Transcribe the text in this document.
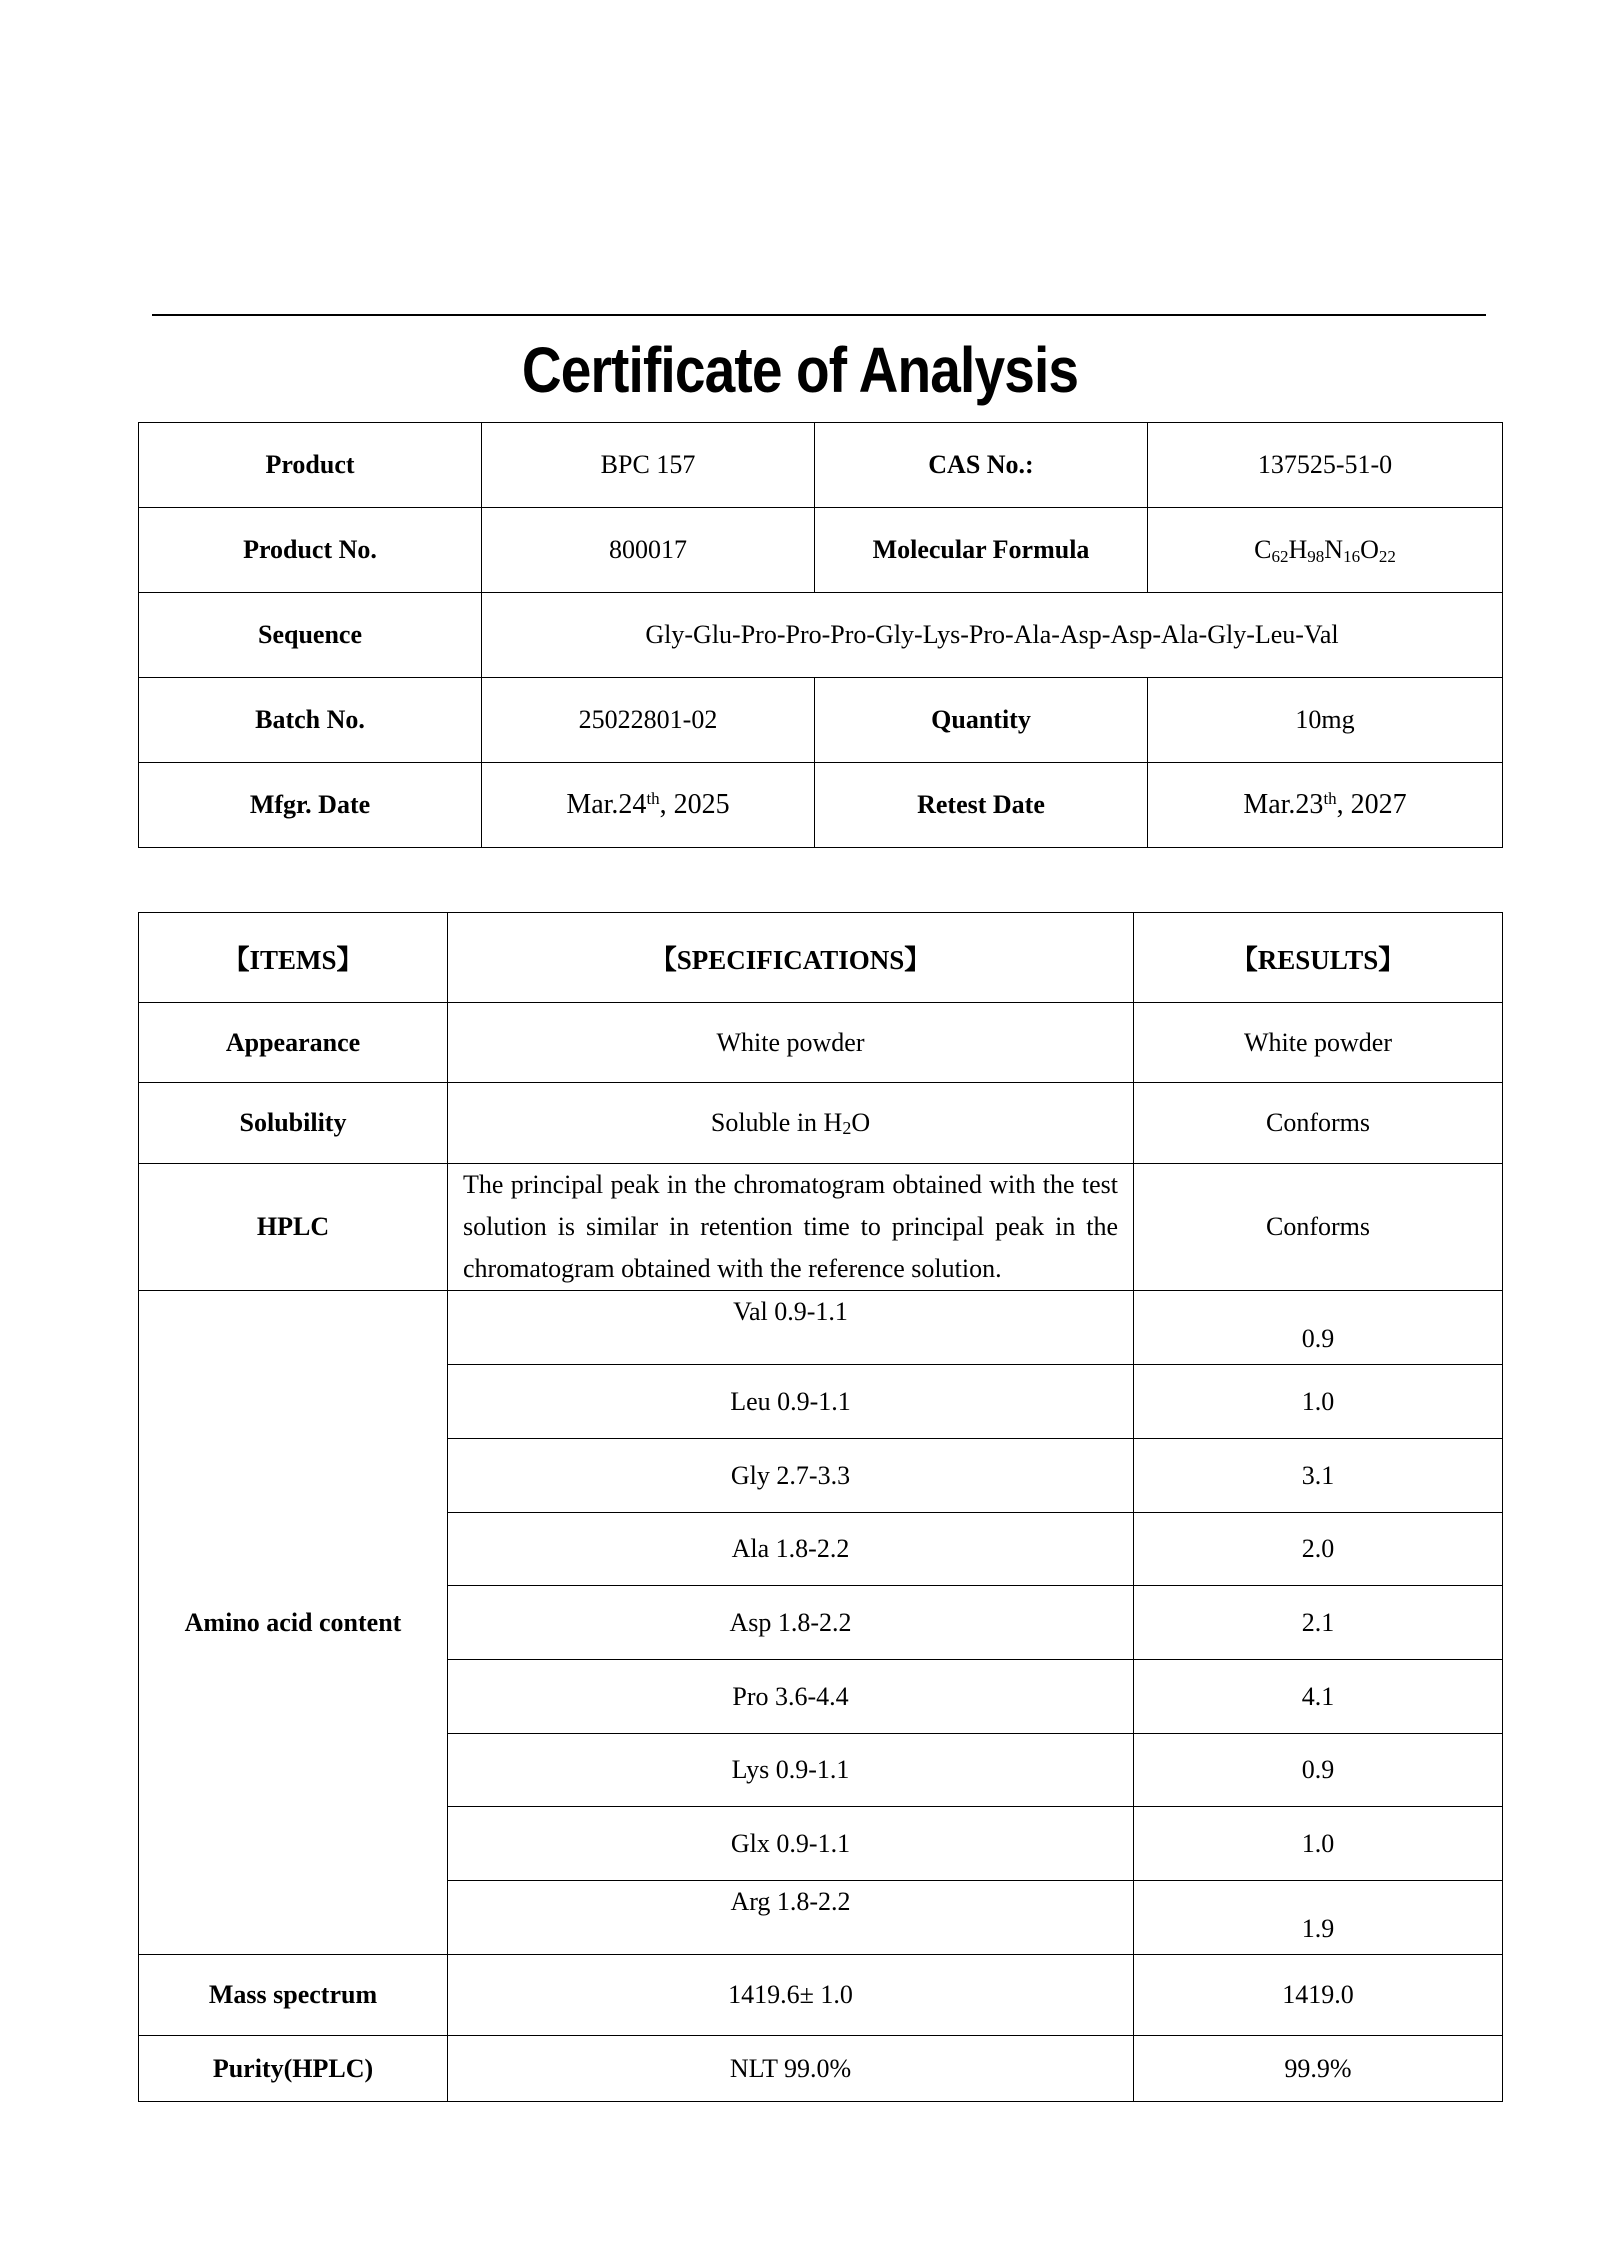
Certificate of Analysis
Product	BPC 157	CAS No.:	137525-51-0
Product No.	800017	Molecular Formula	$C_{62}H_{98}N_{16}O_{22}$
Sequence	Gly-Glu-Pro-Pro-Pro-Gly-Lys-Pro-Ala-Asp-Asp-Ala-Gly-Leu-Val		
Batch No.	25022801-02	Quantity	10mg
Mfgr. Date	Mar.24th, 2025	Retest Date	Mar.23th, 2027
【ITEMS】	【SPECIFICATIONS】	【RESULTS】
Appearance	White powder	White powder
Solubility	Soluble in $H_2O$	Conforms
HPLC	The principal peak in the chromatogram obtained with the test solution is similar in retention time to principal peak in the chromatogram obtained with the reference solution.	Conforms
Amino acid content	Val 0.9-1.1	0.9
	Leu 0.9-1.1	1.0
	Gly 2.7-3.3	3.1
	Ala 1.8-2.2	2.0
	Asp 1.8-2.2	2.1
	Pro 3.6-4.4	4.1
	Lys 0.9-1.1	0.9
	Glx 0.9-1.1	1.0
	Arg 1.8-2.2	1.9
Mass spectrum	1419.6± 1.0	1419.0
Purity(HPLC)	NLT 99.0%	99.9%
